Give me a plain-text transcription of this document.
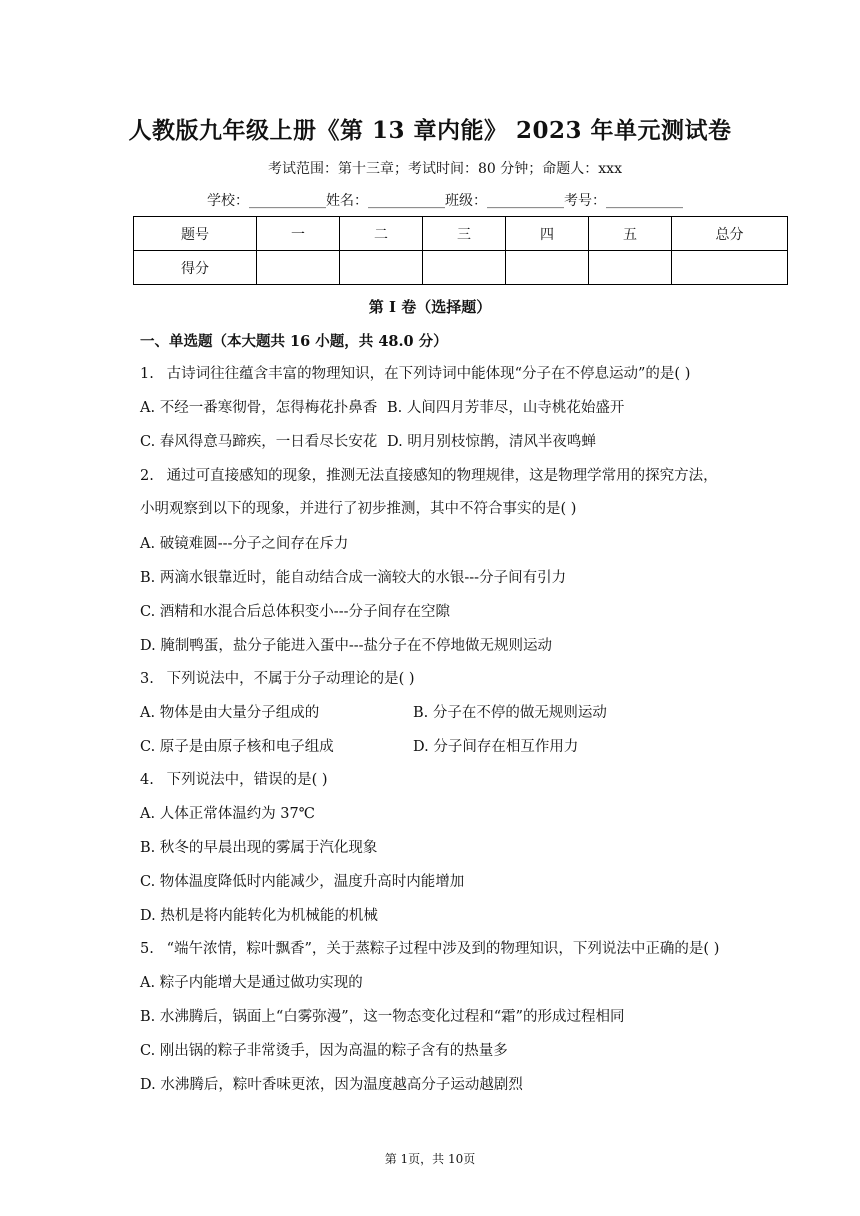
人教版九年级上册《第 13 章内能》 2023 年单元测试卷
考试范围：第十三章；考试时间：80 分钟；命题人：xxx
学校：___________姓名：___________班级：___________考号：___________
题号	一	二	三	四	五	总分
得分						
第 I 卷（选择题）
一、单选题（本大题共 16 小题，共 48.0 分）
1. 古诗词往往蕴含丰富的物理知识，在下列诗词中能体现“分子在不停息运动”的是( )
A. 不经一番寒彻骨，怎得梅花扑鼻香 B. 人间四月芳菲尽，山寺桃花始盛开
C. 春风得意马蹄疾，一日看尽长安花 D. 明月别枝惊鹊，清风半夜鸣蝉
2. 通过可直接感知的现象，推测无法直接感知的物理规律，这是物理学常用的探究方法，
小明观察到以下的现象，并进行了初步推测，其中不符合事实的是( )
A. 破镜难圆---分子之间存在斥力
B. 两滴水银靠近时，能自动结合成一滴较大的水银---分子间有引力
C. 酒精和水混合后总体积变小---分子间存在空隙
D. 腌制鸭蛋，盐分子能进入蛋中---盐分子在不停地做无规则运动
3. 下列说法中，不属于分子动理论的是( )
A. 物体是由大量分子组成的	B. 分子在不停的做无规则运动
C. 原子是由原子核和电子组成	D. 分子间存在相互作用力
4. 下列说法中，错误的是( )
A. 人体正常体温约为 37℃
B. 秋冬的早晨出现的雾属于汽化现象
C. 物体温度降低时内能减少，温度升高时内能增加
D. 热机是将内能转化为机械能的机械
5. “端午浓情，粽叶飘香”，关于蒸粽子过程中涉及到的物理知识，下列说法中正确的是( )
A. 粽子内能增大是通过做功实现的
B. 水沸腾后，锅面上“白雾弥漫”，这一物态变化过程和“霜”的形成过程相同
C. 刚出锅的粽子非常烫手，因为高温的粽子含有的热量多
D. 水沸腾后，粽叶香味更浓，因为温度越高分子运动越剧烈
第 1页，共 10页
